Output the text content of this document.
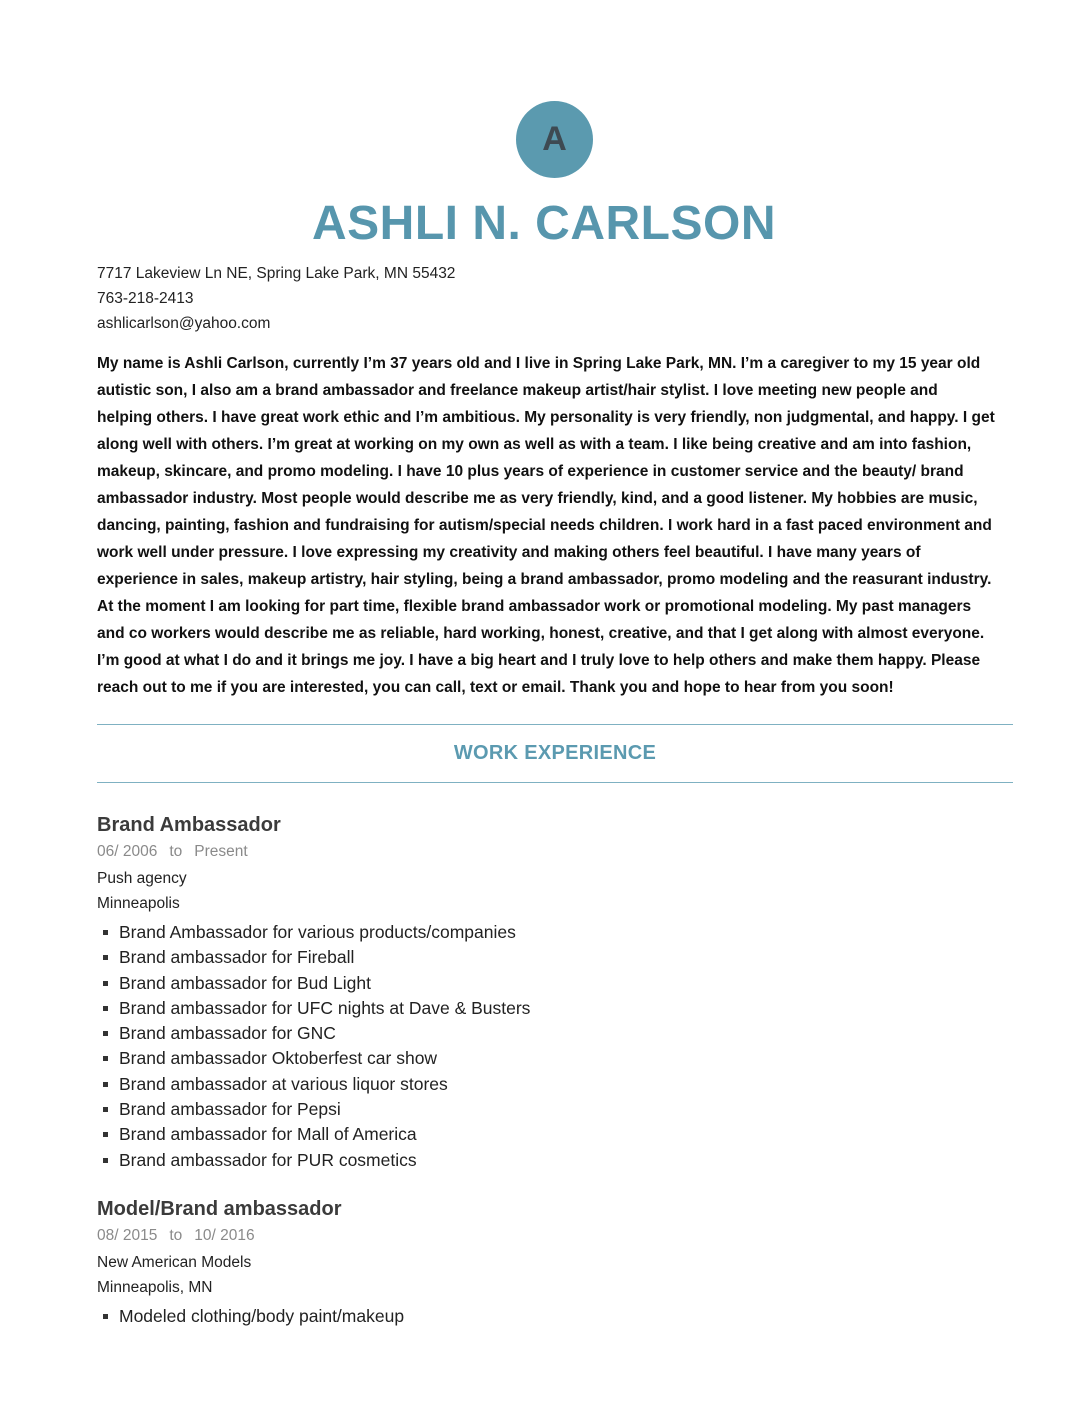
A
ASHLI N. CARLSON
7717 Lakeview Ln NE, Spring Lake Park, MN 55432
763-218-2413
ashlicarlson@yahoo.com
My name is Ashli Carlson, currently I’m 37 years old and I live in Spring Lake Park, MN. I’m a caregiver to my 15 year old
autistic son, I also am a brand ambassador and freelance makeup artist/hair stylist. I love meeting new people and
helping others. I have great work ethic and I’m ambitious. My personality is very friendly, non judgmental, and happy. I get
along well with others. I’m great at working on my own as well as with a team. I like being creative and am into fashion,
makeup, skincare, and promo modeling. I have 10 plus years of experience in customer service and the beauty/ brand
ambassador industry. Most people would describe me as very friendly, kind, and a good listener. My hobbies are music,
dancing, painting, fashion and fundraising for autism/special needs children. I work hard in a fast paced environment and
work well under pressure. I love expressing my creativity and making others feel beautiful. I have many years of
experience in sales, makeup artistry, hair styling, being a brand ambassador, promo modeling and the reasurant industry.
At the moment I am looking for part time, flexible brand ambassador work or promotional modeling. My past managers
and co workers would describe me as reliable, hard working, honest, creative, and that I get along with almost everyone.
I’m good at what I do and it brings me joy. I have a big heart and I truly love to help others and make them happy. Please
reach out to me if you are interested, you can call, text or email. Thank you and hope to hear from you soon!
WORK EXPERIENCE
Brand Ambassador
06/ 2006 to Present
Push agency
Minneapolis
Brand Ambassador for various products/companies
Brand ambassador for Fireball
Brand ambassador for Bud Light
Brand ambassador for UFC nights at Dave & Busters
Brand ambassador for GNC
Brand ambassador Oktoberfest car show
Brand ambassador at various liquor stores
Brand ambassador for Pepsi
Brand ambassador for Mall of America
Brand ambassador for PUR cosmetics
Model/Brand ambassador
08/ 2015 to 10/ 2016
New American Models
Minneapolis, MN
Modeled clothing/body paint/makeup
